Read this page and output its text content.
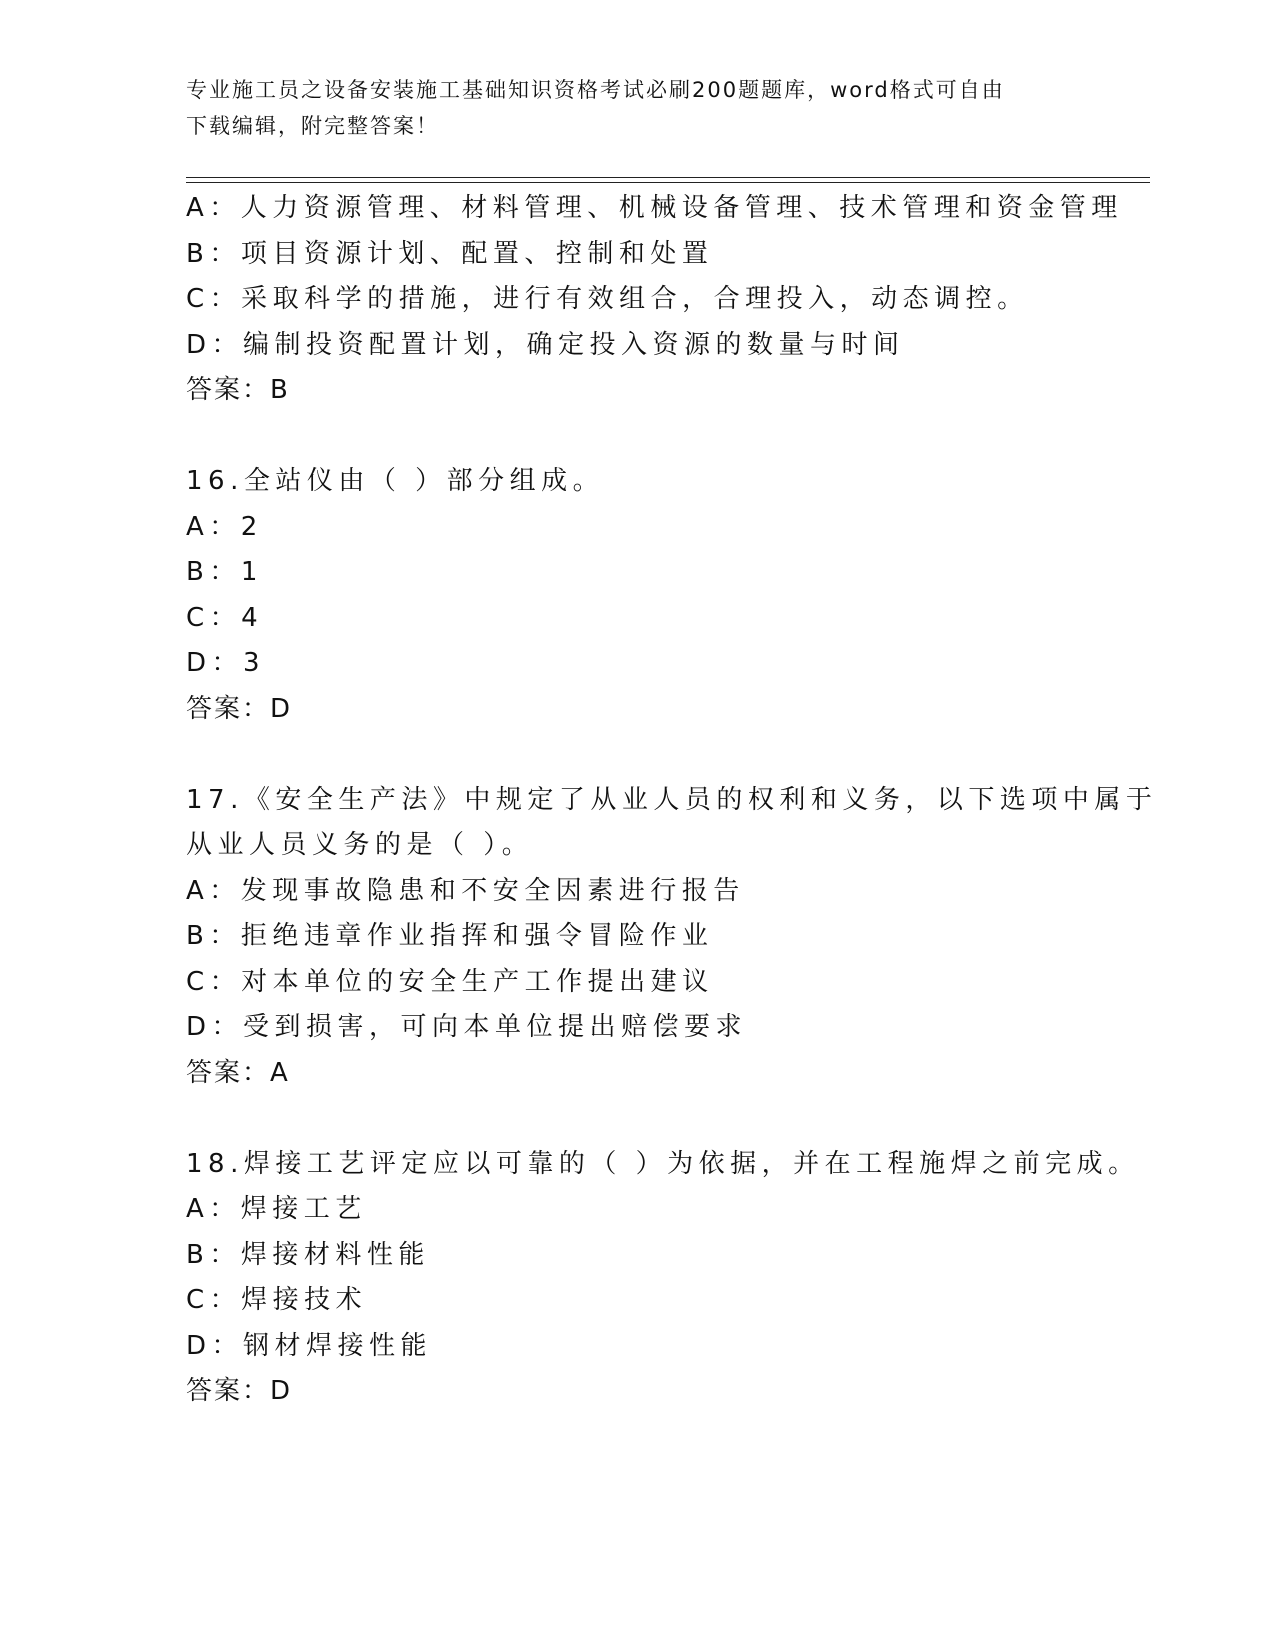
专业施工员之设备安装施工基础知识资格考试必刷200题题库，word格式可自由
下载编辑，附完整答案！
A：人力资源管理、材料管理、机械设备管理、技术管理和资金管理
B：项目资源计划、配置、控制和处置
C：采取科学的措施，进行有效组合，合理投入，动态调控。
D：编制投资配置计划，确定投入资源的数量与时间
答案：B
16.全站仪由（ ）部分组成。
A：2
B：1
C：4
D：3
答案：D
17.《安全生产法》中规定了从业人员的权利和义务，以下选项中属于
从业人员义务的是（ ）。
A：发现事故隐患和不安全因素进行报告
B：拒绝违章作业指挥和强令冒险作业
C：对本单位的安全生产工作提出建议
D：受到损害，可向本单位提出赔偿要求
答案：A
18.焊接工艺评定应以可靠的（ ）为依据，并在工程施焊之前完成。
A：焊接工艺
B：焊接材料性能
C：焊接技术
D：钢材焊接性能
答案：D
